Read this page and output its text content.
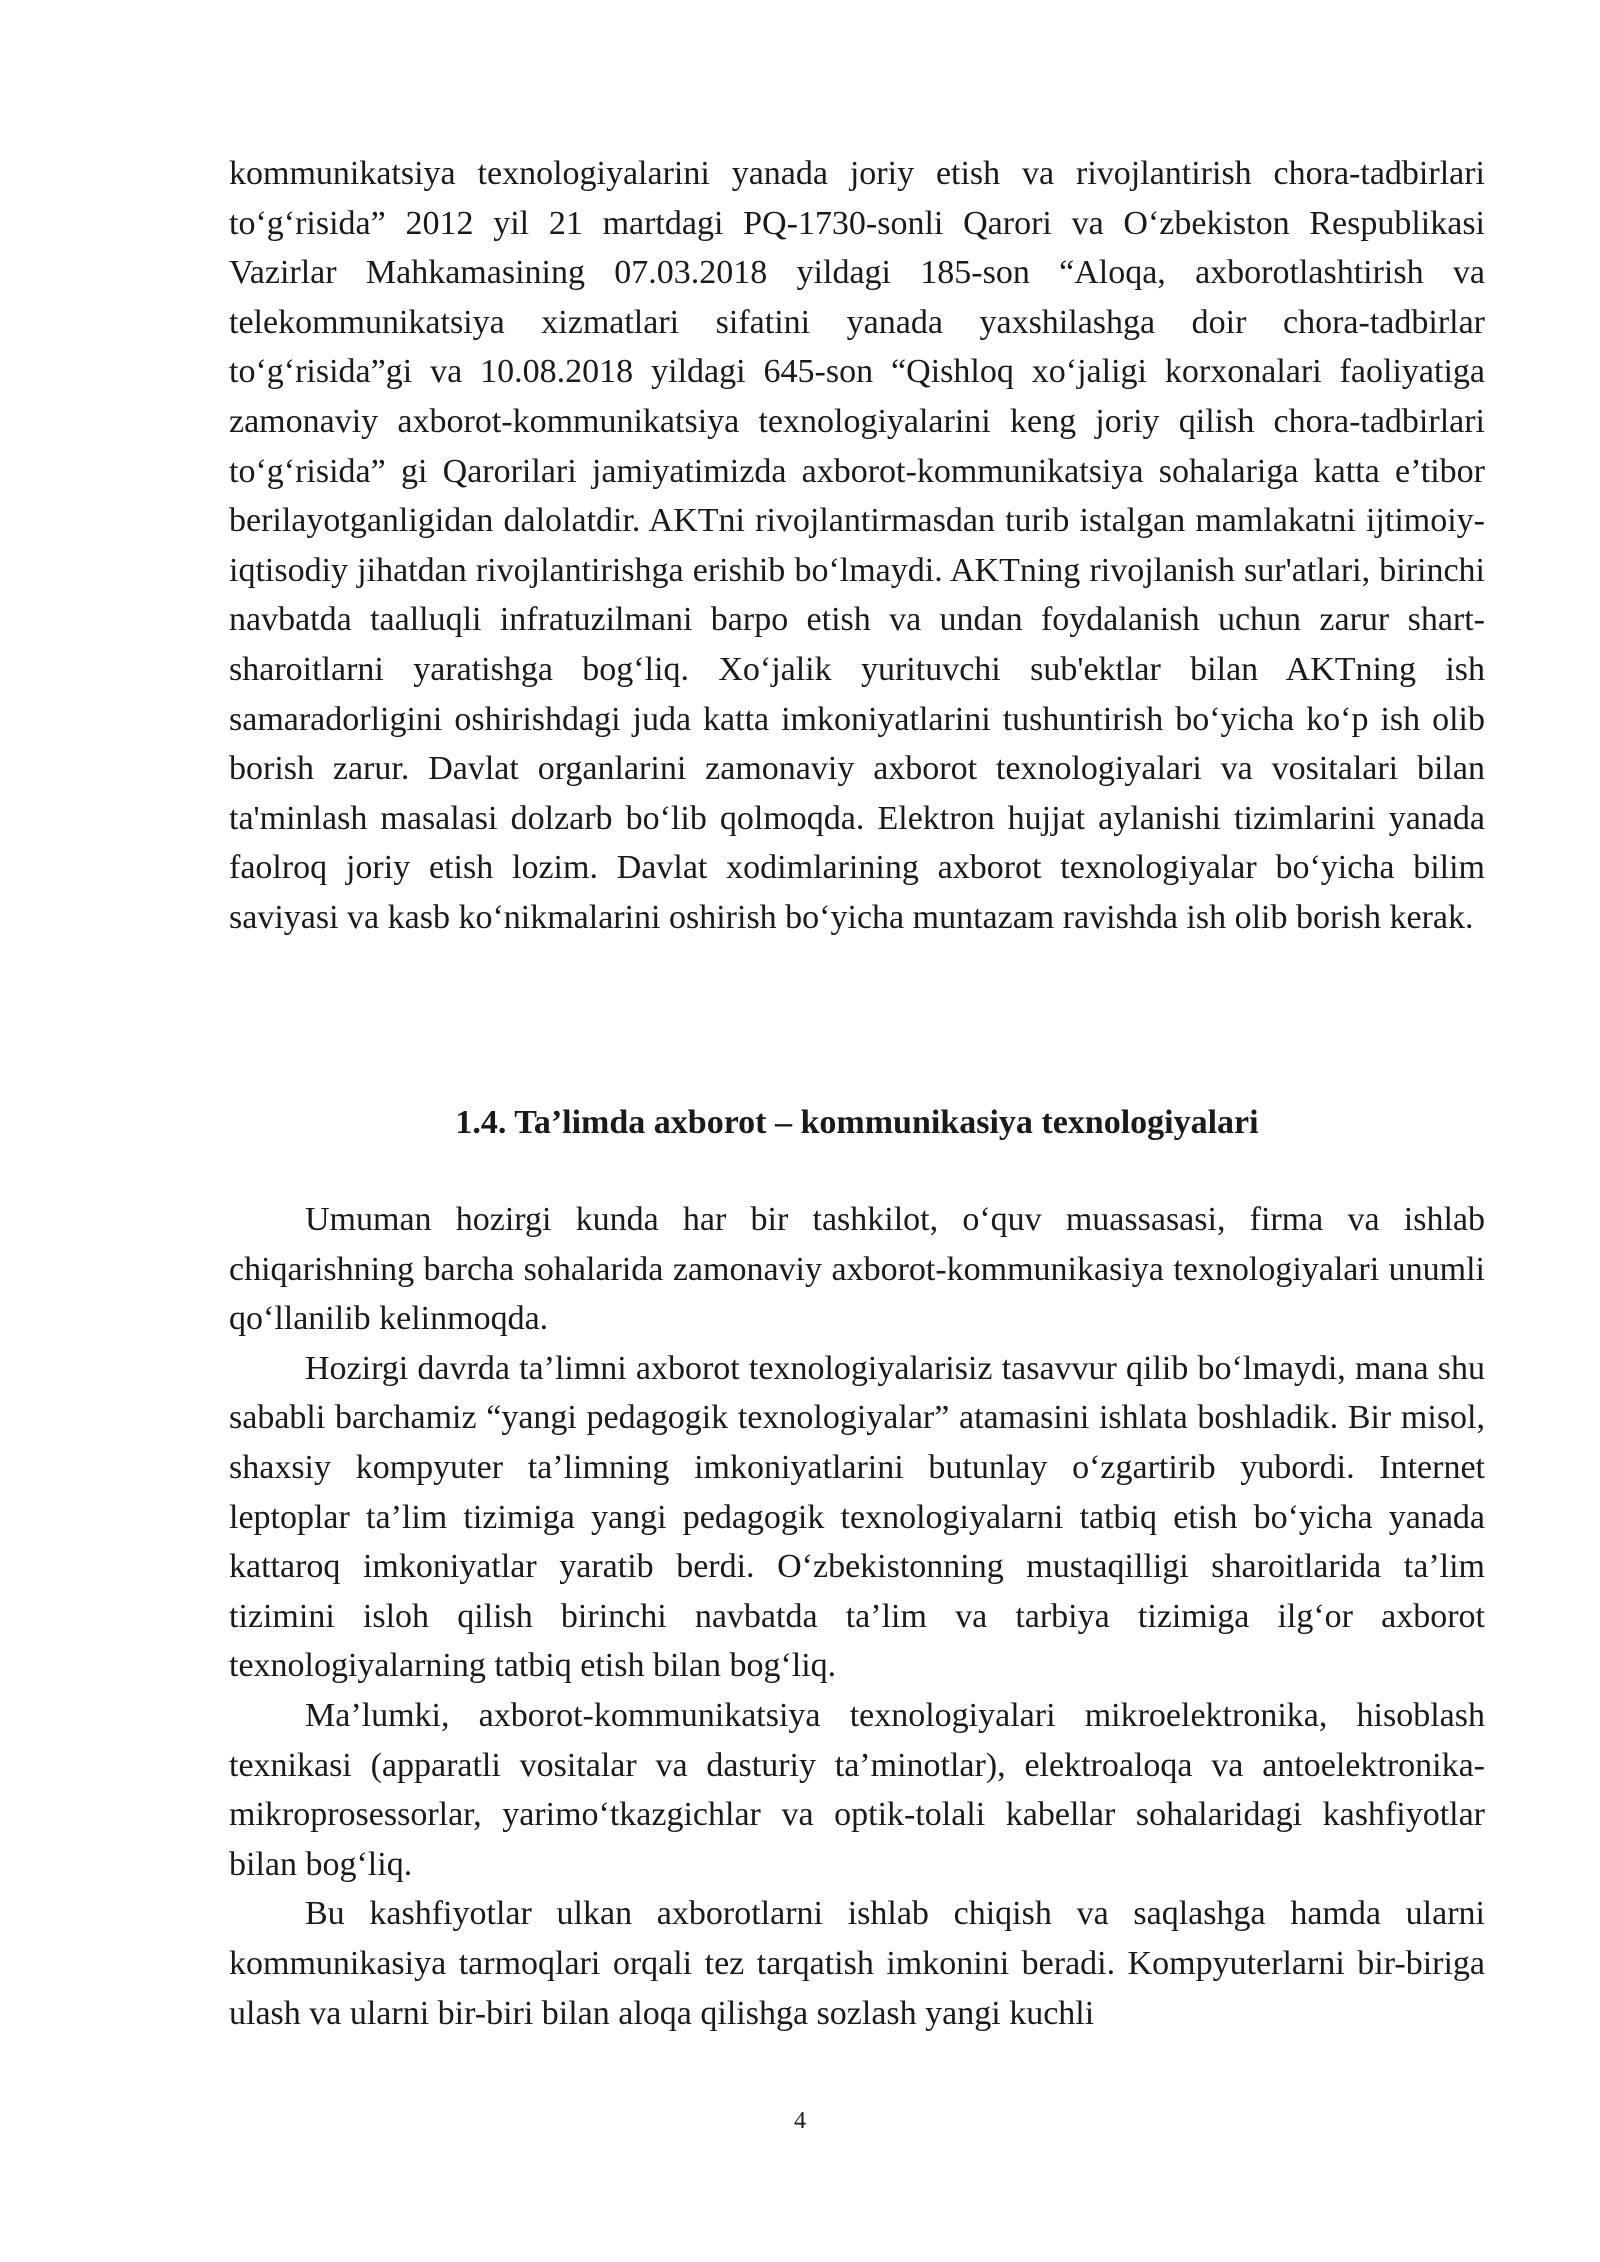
kommunikatsiya texnologiyalarini yanada joriy etish va rivojlantirish chora-tadbirlari to‘g‘risida” 2012 yil 21 martdagi PQ-1730-sonli Qarori va O‘zbekiston Respublikasi Vazirlar Mahkamasining 07.03.2018 yildagi 185-son “Aloqa, axborotlashtirish va telekommunikatsiya xizmatlari sifatini yanada yaxshilashga doir chora-tadbirlar to‘g‘risida”gi va 10.08.2018 yildagi 645-son “Qishloq xo‘jaligi korxonalari faoliyatiga zamonaviy axborot-kommunikatsiya texnologiyalarini keng joriy qilish chora-tadbirlari to‘g‘risida” gi Qarorilari jamiyatimizda axborot-kommunikatsiya sohalariga katta e’tibor berilayotganligidan dalolatdir. AKTni rivojlantirmasdan turib istalgan mamlakatni ijtimoiy-iqtisodiy jihatdan rivojlantirishga erishib bo‘lmaydi. AKTning rivojlanish sur'atlari, birinchi navbatda taalluqli infratuzilmani barpo etish va undan foydalanish uchun zarur shart-sharoitlarni yaratishga bog‘liq. Xo‘jalik yurituvchi sub'ektlar bilan AKTning ish samaradorligini oshirishdagi juda katta imkoniyatlarini tushuntirish bo‘yicha ko‘p ish olib borish zarur. Davlat organlarini zamonaviy axborot texnologiyalari va vositalari bilan ta'minlash masalasi dolzarb bo‘lib qolmoqda. Elektron hujjat aylanishi tizimlarini yanada faolroq joriy etish lozim. Davlat xodimlarining axborot texnologiyalar bo‘yicha bilim saviyasi va kasb ko‘nikmalarini oshirish bo‘yicha muntazam ravishda ish olib borish kerak.

1.4. Ta’limda axborot – kommunikasiya texnologiyalari

Umuman hozirgi kunda har bir tashkilot, o‘quv muassasasi, firma va ishlab chiqarishning barcha sohalarida zamonaviy axborot-kommunikasiya texnologiyalari unumli qo‘llanilib kelinmoqda.

Hozirgi davrda ta’limni axborot texnologiyalarisiz tasavvur qilib bo‘lmaydi, mana shu sababli barchamiz “yangi pedagogik texnologiyalar” atamasini ishlata boshladik. Bir misol, shaxsiy kompyuter ta’limning imkoniyatlarini butunlay o‘zgartirib yubordi. Internet leptoplar ta’lim tizimiga yangi pedagogik texnologiyalarni tatbiq etish bo‘yicha yanada kattaroq imkoniyatlar yaratib berdi. O‘zbekistonning mustaqilligi sharoitlarida ta’lim tizimini isloh qilish birinchi navbatda ta’lim va tarbiya tizimiga ilg‘or axborot texnologiyalarning tatbiq etish bilan bog‘liq.

Ma’lumki, axborot-kommunikatsiya texnologiyalari mikroelektronika, hisoblash texnikasi (apparatli vositalar va dasturiy ta’minotlar), elektroaloqa va antoelektronika-mikroprosessorlar, yarimo‘tkazgichlar va optik-tolali kabellar sohalaridagi kashfiyotlar bilan bog‘liq.

Bu kashfiyotlar ulkan axborotlarni ishlab chiqish va saqlashga hamda ularni kommunikasiya tarmoqlari orqali tez tarqatish imkonini beradi. Kompyuterlarni bir-biriga ulash va ularni bir-biri bilan aloqa qilishga sozlash yangi kuchli

4
